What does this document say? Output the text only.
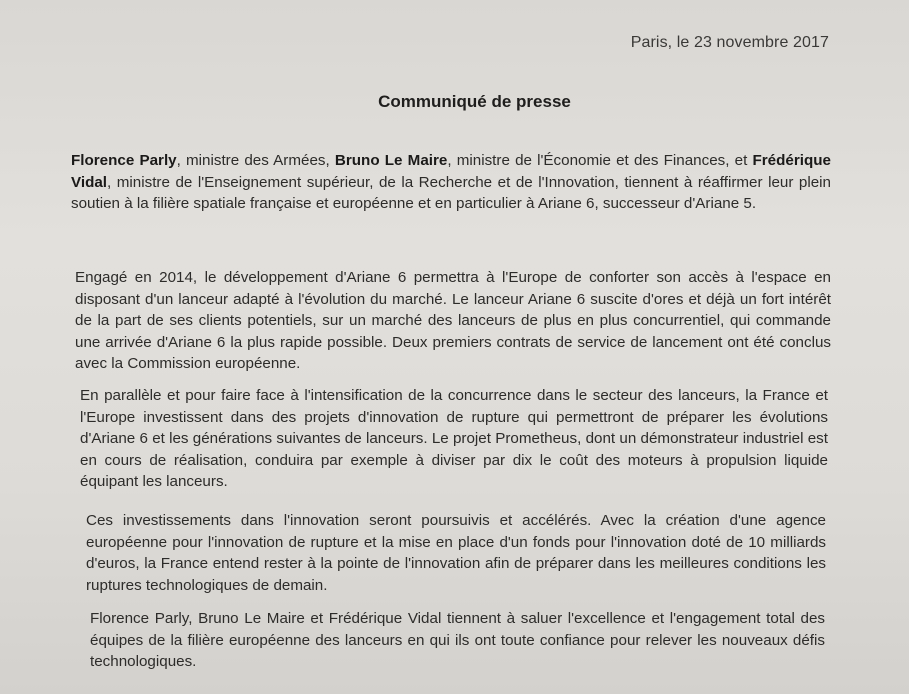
Paris, le 23 novembre 2017
Communiqué de presse

Florence Parly, ministre des Armées, Bruno Le Maire, ministre de l'Économie et des Finances, et Frédérique Vidal, ministre de l'Enseignement supérieur, de la Recherche et de l'Innovation, tiennent à réaffirmer leur plein soutien à la filière spatiale française et européenne et en particulier à Ariane 6, successeur d'Ariane 5.

Engagé en 2014, le développement d'Ariane 6 permettra à l'Europe de conforter son accès à l'espace en disposant d'un lanceur adapté à l'évolution du marché. Le lanceur Ariane 6 suscite d'ores et déjà un fort intérêt de la part de ses clients potentiels, sur un marché des lanceurs de plus en plus concurrentiel, qui commande une arrivée d'Ariane 6 la plus rapide possible. Deux premiers contrats de service de lancement ont été conclus avec la Commission européenne.

En parallèle et pour faire face à l'intensification de la concurrence dans le secteur des lanceurs, la France et l'Europe investissent dans des projets d'innovation de rupture qui permettront de préparer les évolutions d'Ariane 6 et les générations suivantes de lanceurs. Le projet Prometheus, dont un démonstrateur industriel est en cours de réalisation, conduira par exemple à diviser par dix le coût des moteurs à propulsion liquide équipant les lanceurs.

Ces investissements dans l'innovation seront poursuivis et accélérés. Avec la création d'une agence européenne pour l'innovation de rupture et la mise en place d'un fonds pour l'innovation doté de 10 milliards d'euros, la France entend rester à la pointe de l'innovation afin de préparer dans les meilleures conditions les ruptures technologiques de demain.

Florence Parly, Bruno Le Maire et Frédérique Vidal tiennent à saluer l'excellence et l'engagement total des équipes de la filière européenne des lanceurs en qui ils ont toute confiance pour relever les nouveaux défis technologiques.
